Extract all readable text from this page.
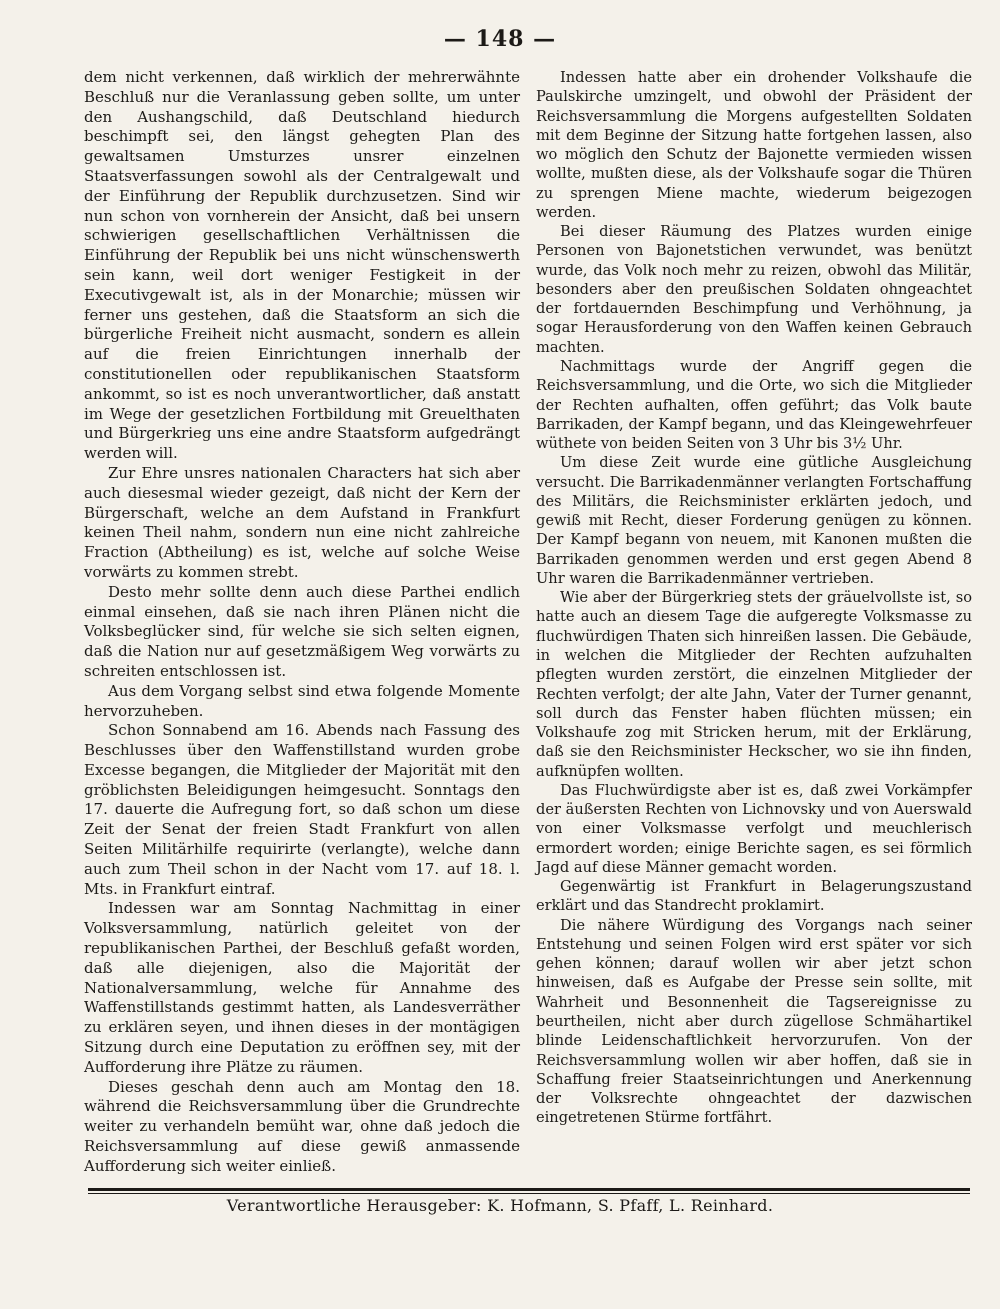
— 148 —

dem nicht verkennen, daß wirklich der mehrerwähnte Beschluß nur die Veranlassung geben sollte, um unter den Aushangschild, daß Deutschland hiedurch beschimpft sei, den längst gehegten Plan des gewaltsamen Umsturzes unsrer einzelnen Staatsverfassungen sowohl als der Centralgewalt und der Einführung der Republik durchzusetzen. Sind wir nun schon von vornherein der Ansicht, daß bei unsern schwierigen gesellschaftlichen Verhältnissen die Einführung der Republik bei uns nicht wünschenswerth sein kann, weil dort weniger Festigkeit in der Executivgewalt ist, als in der Monarchie; müssen wir ferner uns gestehen, daß die Staatsform an sich die bürgerliche Freiheit nicht ausmacht, sondern es allein auf die freien Einrichtungen innerhalb der constitutionellen oder republikanischen Staatsform ankommt, so ist es noch unverantwortlicher, daß anstatt im Wege der gesetzlichen Fortbildung mit Greuelthaten und Bürgerkrieg uns eine andre Staatsform aufgedrängt werden will.

Zur Ehre unsres nationalen Characters hat sich aber auch diesesmal wieder gezeigt, daß nicht der Kern der Bürgerschaft, welche an dem Aufstand in Frankfurt keinen Theil nahm, sondern nun eine nicht zahlreiche Fraction (Abtheilung) es ist, welche auf solche Weise vorwärts zu kommen strebt.

Desto mehr sollte denn auch diese Parthei endlich einmal einsehen, daß sie nach ihren Plänen nicht die Volksbeglücker sind, für welche sie sich selten eignen, daß die Nation nur auf gesetzmäßigem Weg vorwärts zu schreiten entschlossen ist.

Aus dem Vorgang selbst sind etwa folgende Momente hervorzuheben.

Schon Sonnabend am 16. Abends nach Fassung des Beschlusses über den Waffenstillstand wurden grobe Excesse begangen, die Mitglieder der Majorität mit den gröblichsten Beleidigungen heimgesucht. Sonntags den 17. dauerte die Aufregung fort, so daß schon um diese Zeit der Senat der freien Stadt Frankfurt von allen Seiten Militärhilfe requirirte (verlangte), welche dann auch zum Theil schon in der Nacht vom 17. auf 18. l. Mts. in Frankfurt eintraf.

Indessen war am Sonntag Nachmittag in einer Volksversammlung, natürlich geleitet von der republikanischen Parthei, der Beschluß gefaßt worden, daß alle diejenigen, also die Majorität der Nationalversammlung, welche für Annahme des Waffenstillstands gestimmt hatten, als Landesverräther zu erklären seyen, und ihnen dieses in der montägigen Sitzung durch eine Deputation zu eröffnen sey, mit der Aufforderung ihre Plätze zu räumen.

Dieses geschah denn auch am Montag den 18. während die Reichsversammlung über die Grundrechte weiter zu verhandeln bemüht war, ohne daß jedoch die Reichsversammlung auf diese gewiß anmassende Aufforderung sich weiter einließ.

Indessen hatte aber ein drohender Volkshaufe die Paulskirche umzingelt, und obwohl der Präsident der Reichsversammlung die Morgens aufgestellten Soldaten mit dem Beginne der Sitzung hatte fortgehen lassen, also wo möglich den Schutz der Bajonette vermieden wissen wollte, mußten diese, als der Volkshaufe sogar die Thüren zu sprengen Miene machte, wiederum beigezogen werden.

Bei dieser Räumung des Platzes wurden einige Personen von Bajonetstichen verwundet, was benützt wurde, das Volk noch mehr zu reizen, obwohl das Militär, besonders aber den preußischen Soldaten ohngeachtet der fortdauernden Beschimpfung und Verhöhnung, ja sogar Herausforderung von den Waffen keinen Gebrauch machten.

Nachmittags wurde der Angriff gegen die Reichsversammlung, und die Orte, wo sich die Mitglieder der Rechten aufhalten, offen geführt; das Volk baute Barrikaden, der Kampf begann, und das Kleingewehrfeuer wüthete von beiden Seiten von 3 Uhr bis 3½ Uhr.

Um diese Zeit wurde eine gütliche Ausgleichung versucht. Die Barrikadenmänner verlangten Fortschaffung des Militärs, die Reichsminister erklärten jedoch, und gewiß mit Recht, dieser Forderung genügen zu können. Der Kampf begann von neuem, mit Kanonen mußten die Barrikaden genommen werden und erst gegen Abend 8 Uhr waren die Barrikadenmänner vertrieben.

Wie aber der Bürgerkrieg stets der gräuelvollste ist, so hatte auch an diesem Tage die aufgeregte Volksmasse zu fluchwürdigen Thaten sich hinreißen lassen. Die Gebäude, in welchen die Mitglieder der Rechten aufzuhalten pflegten wurden zerstört, die einzelnen Mitglieder der Rechten verfolgt; der alte Jahn, Vater der Turner genannt, soll durch das Fenster haben flüchten müssen; ein Volkshaufe zog mit Stricken herum, mit der Erklärung, daß sie den Reichsminister Heckscher, wo sie ihn finden, aufknüpfen wollten.

Das Fluchwürdigste aber ist es, daß zwei Vorkämpfer der äußersten Rechten von Lichnovsky und von Auerswald von einer Volksmasse verfolgt und meuchlerisch ermordert worden; einige Berichte sagen, es sei förmlich Jagd auf diese Männer gemacht worden.

Gegenwärtig ist Frankfurt in Belagerungszustand erklärt und das Standrecht proklamirt.

Die nähere Würdigung des Vorgangs nach seiner Entstehung und seinen Folgen wird erst später vor sich gehen können; darauf wollen wir aber jetzt schon hinweisen, daß es Aufgabe der Presse sein sollte, mit Wahrheit und Besonnenheit die Tagsereignisse zu beurtheilen, nicht aber durch zügellose Schmähartikel blinde Leidenschaftlichkeit hervorzurufen. Von der Reichsversammlung wollen wir aber hoffen, daß sie in Schaffung freier Staatseinrichtungen und Anerkennung der Volksrechte ohngeachtet der dazwischen eingetretenen Stürme fortfährt.

Verantwortliche Herausgeber: K. Hofmann, S. Pfaff, L. Reinhard.
